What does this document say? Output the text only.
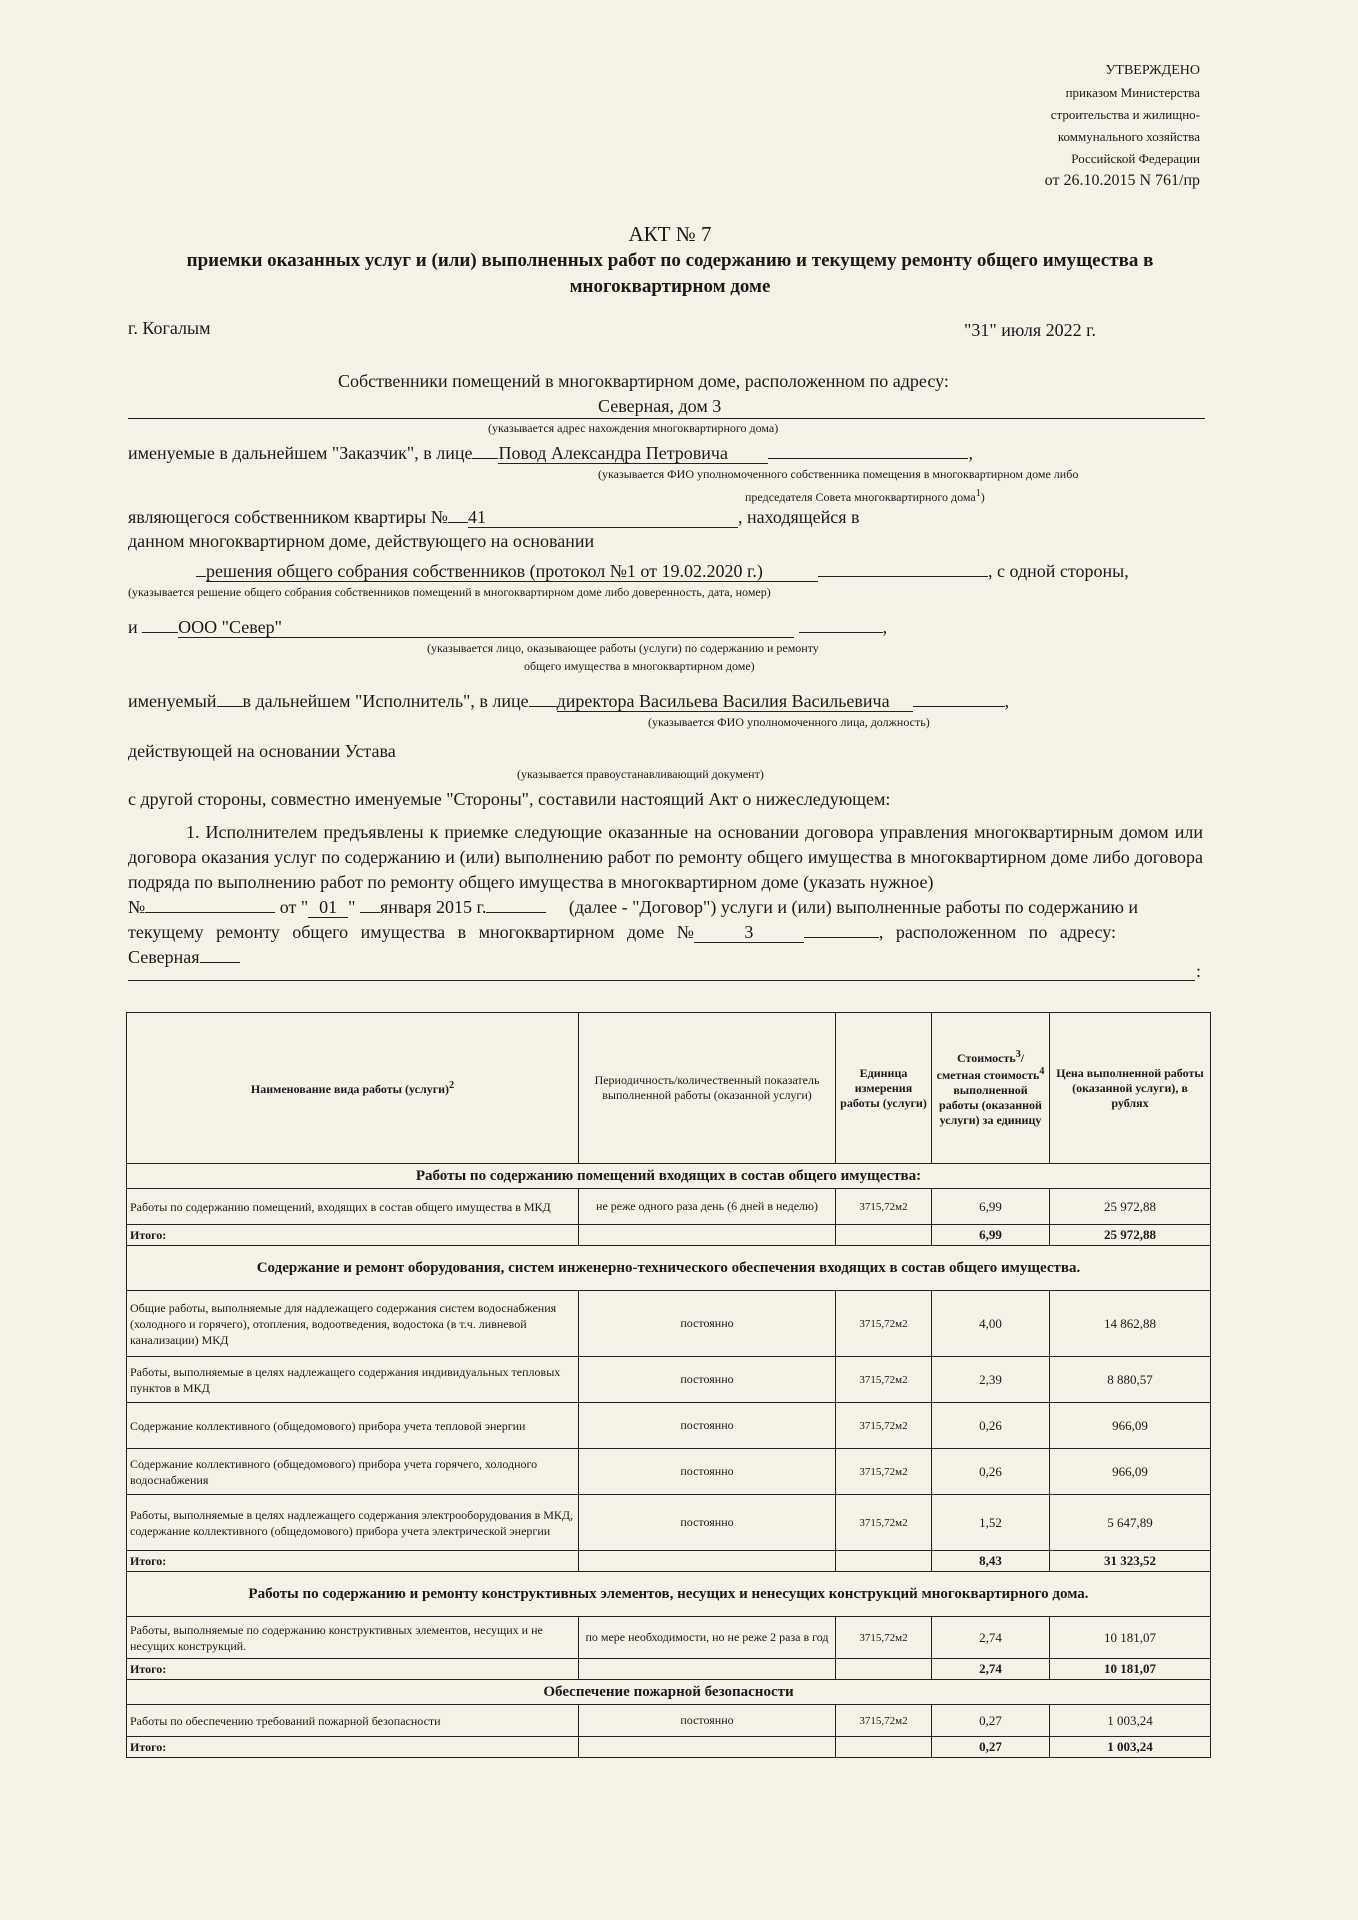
УТВЕРЖДЕНО
приказом Министерства
строительства и жилищно-
коммунального хозяйства
Российской Федерации
от 26.10.2015 N 761/пр
АКТ № 7
приемки оказанных услуг и (или) выполненных работ по содержанию и текущему ремонту общего имущества в
многоквартирном доме
г. Когалым	"31" июля 2022 г.
Собственники помещений в многоквартирном доме, расположенном по адресу:
Северная, дом 3
(указывается адрес нахождения многоквартирного дома)
именуемые в дальнейшем "Заказчик", в лице Повод Александра Петровича	,
(указывается ФИО уполномоченного собственника помещения в многоквартирном доме либо
председателя Совета многоквартирного дома$^1$)
являющегося собственником квартиры № 41	, находящейся в
данном многоквартирном доме, действующего на основании
решения общего собрания собственников (протокол №1 от 19.02.2020 г.)	, с одной стороны,
(указывается решение общего собрания собственников помещений в многоквартирном доме либо доверенность, дата, номер)
и ООО "Север"	,
(указывается лицо, оказывающее работы (услуги) по содержанию и ремонту
общего имущества в многоквартирном доме)
именуемый в дальнейшем "Исполнитель", в лице директора Васильева Василия Васильевича	,
(указывается ФИО уполномоченного лица, должность)
действующей на основании Устава
(указывается правоустанавливающий документ)
с другой стороны, совместно именуемые "Стороны", составили настоящий Акт о нижеследующем:
1. Исполнителем предъявлены к приемке следующие оказанные на основании договора управления многоквартирным домом или договора оказания услуг по содержанию и (или) выполнению работ по ремонту общего имущества в многоквартирном доме либо договора подряда по выполнению работ по ремонту общего имущества в многоквартирном доме (указать нужное)
№	от " 01 " января 2015 г.	(далее - "Договор") услуги и (или) выполненные работы по содержанию и
текущему ремонту общего имущества в многоквартирном доме №	3	, расположенном по адресу:
Северная
:
Наименование вида работы (услуги)$^2$	Периодичность/количественный показатель выполненной работы (оказанной услуги)	Единица измерения работы (услуги)	Стоимость$^3$/сметная стоимость$^4$ выполненной работы (оказанной услуги) за единицу	Цена выполненной работы (оказанной услуги), в рублях
Работы по содержанию помещений входящих в состав общего имущества:				
Работы по содержанию помещений, входящих в состав общего имущества в МКД	не реже одного раза день (6 дней в неделю)	3715,72м2	6,99	25 972,88
Итого:			6,99	25 972,88
Содержание и ремонт оборудования, систем инженерно-технического обеспечения входящих в состав общего имущества.				
Общие работы, выполняемые для надлежащего содержания систем водоснабжения (холодного и горячего), отопления, водоотведения, водостока (в т.ч. ливневой канализации) МКД	постоянно	3715,72м2	4,00	14 862,88
Работы, выполняемые в целях надлежащего содержания индивидуальных тепловых пунктов в МКД	постоянно	3715,72м2	2,39	8 880,57
Содержание коллективного (общедомового) прибора учета тепловой энергии	постоянно	3715,72м2	0,26	966,09
Содержание коллективного (общедомового) прибора учета горячего, холодного водоснабжения	постоянно	3715,72м2	0,26	966,09
Работы, выполняемые в целях надлежащего содержания электрооборудования в МКД, содержание коллективного (общедомового) прибора учета электрической энергии	постоянно	3715,72м2	1,52	5 647,89
Итого:			8,43	31 323,52
Работы по содержанию и ремонту конструктивных элементов, несущих и ненесущих конструкций многоквартирного дома.				
Работы, выполняемые по содержанию конструктивных элементов, несущих и не несущих конструкций.	по мере необходимости, но не реже 2 раза в год	3715,72м2	2,74	10 181,07
Итого:			2,74	10 181,07
Обеспечение пожарной безопасности				
Работы по обеспечению требований пожарной безопасности	постоянно	3715,72м2	0,27	1 003,24
Итого:			0,27	1 003,24
